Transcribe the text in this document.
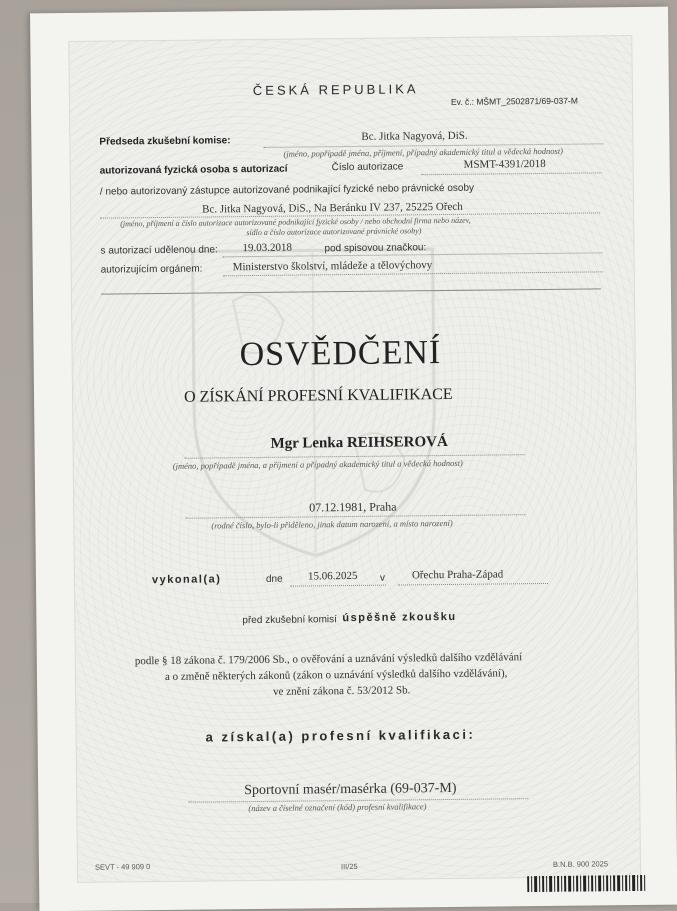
ČESKÁ REPUBLIKA
Ev. č.: MŠMT_2502871/69-037-M
Předseda zkušební komise:	Bc. Jitka Nagyová, DiS.
(jméno, popřípadě jména, příjmení, případný akademický titul a vědecká hodnost)
autorizovaná fyzická osoba s autorizací	Číslo autorizace	MSMT-4391/2018
/ nebo autorizovaný zástupce autorizované podnikající fyzické nebo právnické osoby
Bc. Jitka Nagyová, DiS., Na Beránku IV 237, 25225 Ořech
(jméno, příjmení a číslo autorizace autorizované podnikající fyzické osoby / nebo obchodní firma nebo název,
sídlo a číslo autorizace autorizované právnické osoby)
s autorizací udělenou dne: 19.03.2018	pod spisovou značkou:
autorizujícím orgánem:	Ministerstvo školství, mládeže a tělovýchovy
OSVĚDČENÍ
O ZÍSKÁNÍ PROFESNÍ KVALIFIKACE
Mgr Lenka REIHSEROVÁ
(jméno, popřípadě jména, a příjmení a případný akademický titul a vědecká hodnost)
07.12.1981, Praha
(rodné číslo, bylo-li přiděleno, jinak datum narození, a místo narození)
vykonal(a)	dne 15.06.2025 v Ořechu Praha-Západ
před zkušební komisí úspěšně zkoušku
podle § 18 zákona č. 179/2006 Sb., o ověřování a uznávání výsledků dalšího vzdělávání
a o změně některých zákonů (zákon o uznávání výsledků dalšího vzdělávání),
ve znění zákona č. 53/2012 Sb.
a získal(a) profesní kvalifikaci:
Sportovní masér/masérka (69-037-M)
(název a číselné označení (kód) profesní kvalifikace)
SEVT - 49 909 0	III/25	B.N.B. 900 2025
